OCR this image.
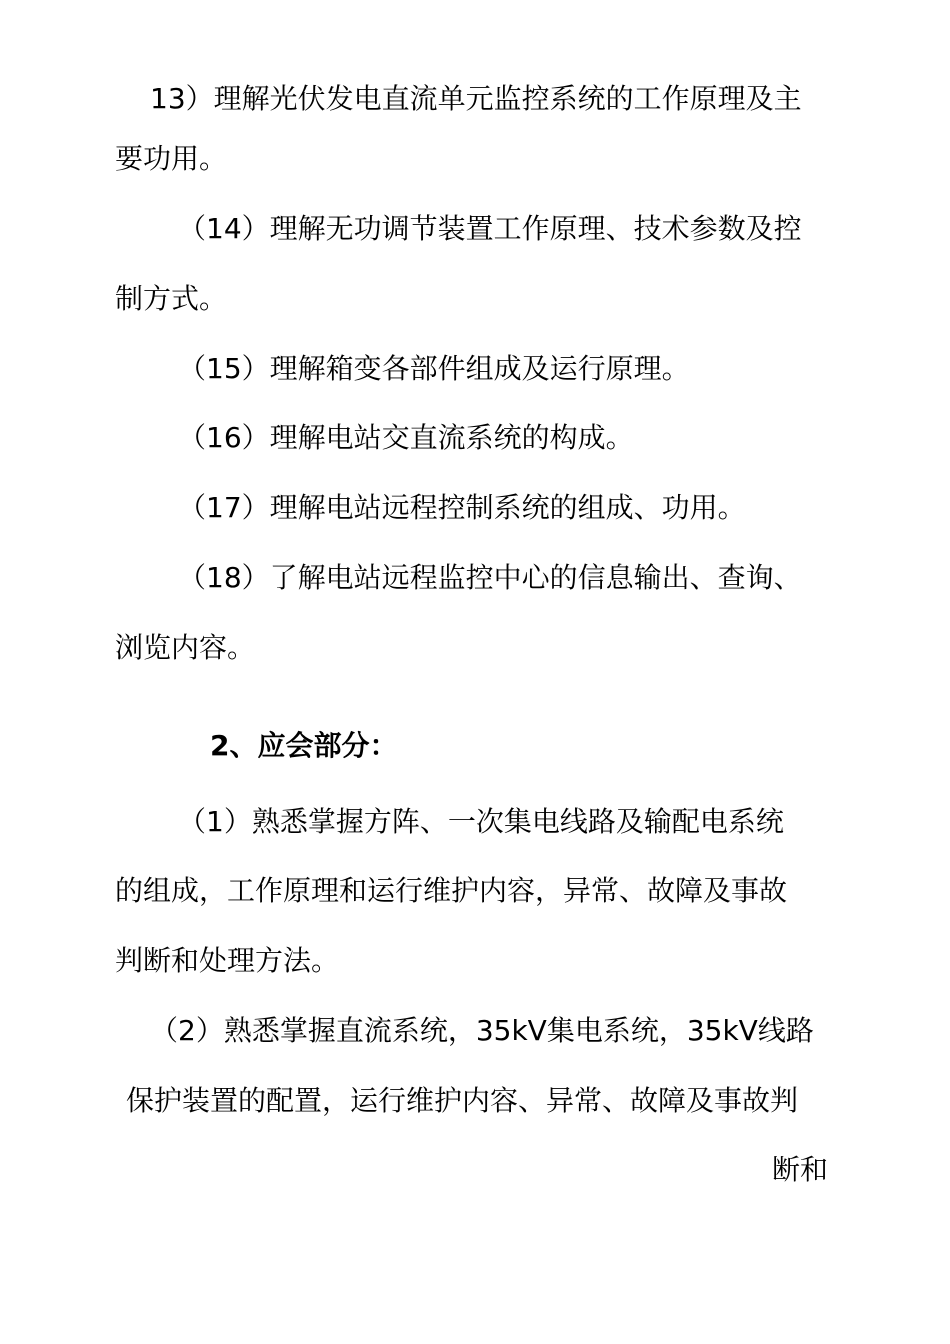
13）理解光伏发电直流单元监控系统的工作原理及主
要功用。
（14）理解无功调节装置工作原理、技术参数及控
制方式。
（15）理解箱变各部件组成及运行原理。
（16）理解电站交直流系统的构成。
（17）理解电站远程控制系统的组成、功用。
（18）了解电站远程监控中心的信息输出、查询、
浏览内容。
2、应会部分：
（1）熟悉掌握方阵、一次集电线路及输配电系统
的组成，工作原理和运行维护内容，异常、故障及事故
判断和处理方法。
（2）熟悉掌握直流系统，35kV集电系统，35kV线路
保护装置的配置，运行维护内容、异常、故障及事故判
断和
